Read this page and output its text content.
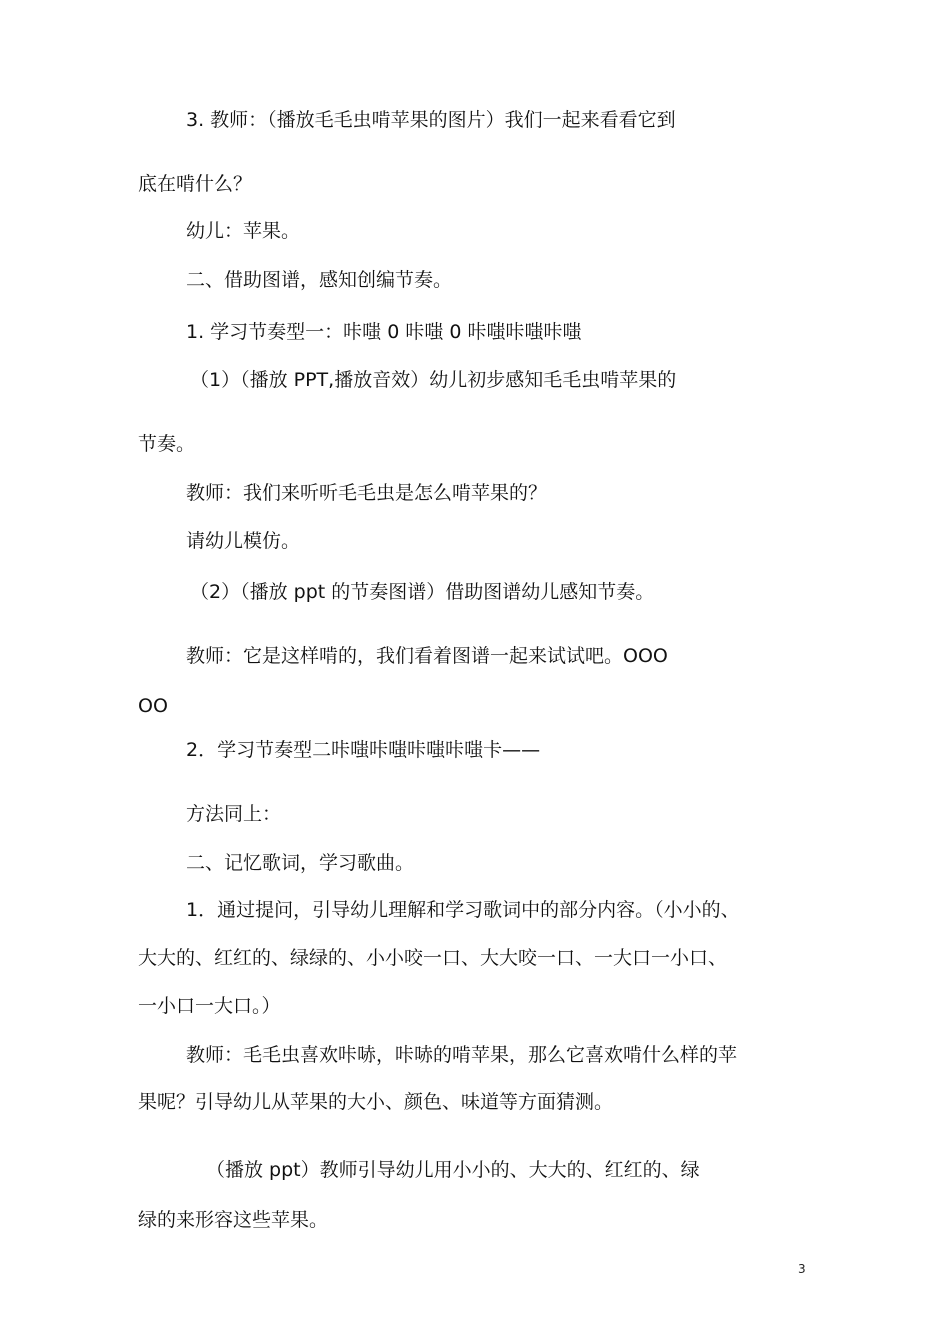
3. 教师：（播放毛毛虫啃苹果的图片）我们一起来看看它到

底在啃什么？

幼儿：苹果。

二、借助图谱，感知创编节奏。

1. 学习节奏型一：咔嗤 0 咔嗤 0 咔嗤咔嗤咔嗤

（1）（播放 PPT,播放音效）幼儿初步感知毛毛虫啃苹果的

节奏。

教师：我们来听听毛毛虫是怎么啃苹果的？

请幼儿模仿。

（2）（播放 ppt 的节奏图谱）借助图谱幼儿感知节奏。

教师：它是这样啃的，我们看着图谱一起来试试吧。OOO

OO

2．学习节奏型二咔嗤咔嗤咔嗤咔嗤卡——

方法同上：

二、记忆歌词，学习歌曲。

1．通过提问，引导幼儿理解和学习歌词中的部分内容。（小小的、

大大的、红红的、绿绿的、小小咬一口、大大咬一口、一大口一小口、

一小口一大口。）

教师：毛毛虫喜欢咔哧，咔哧的啃苹果，那么它喜欢啃什么样的苹

果呢？引导幼儿从苹果的大小、颜色、味道等方面猜测。

（播放 ppt）教师引导幼儿用小小的、大大的、红红的、绿

绿的来形容这些苹果。

3
